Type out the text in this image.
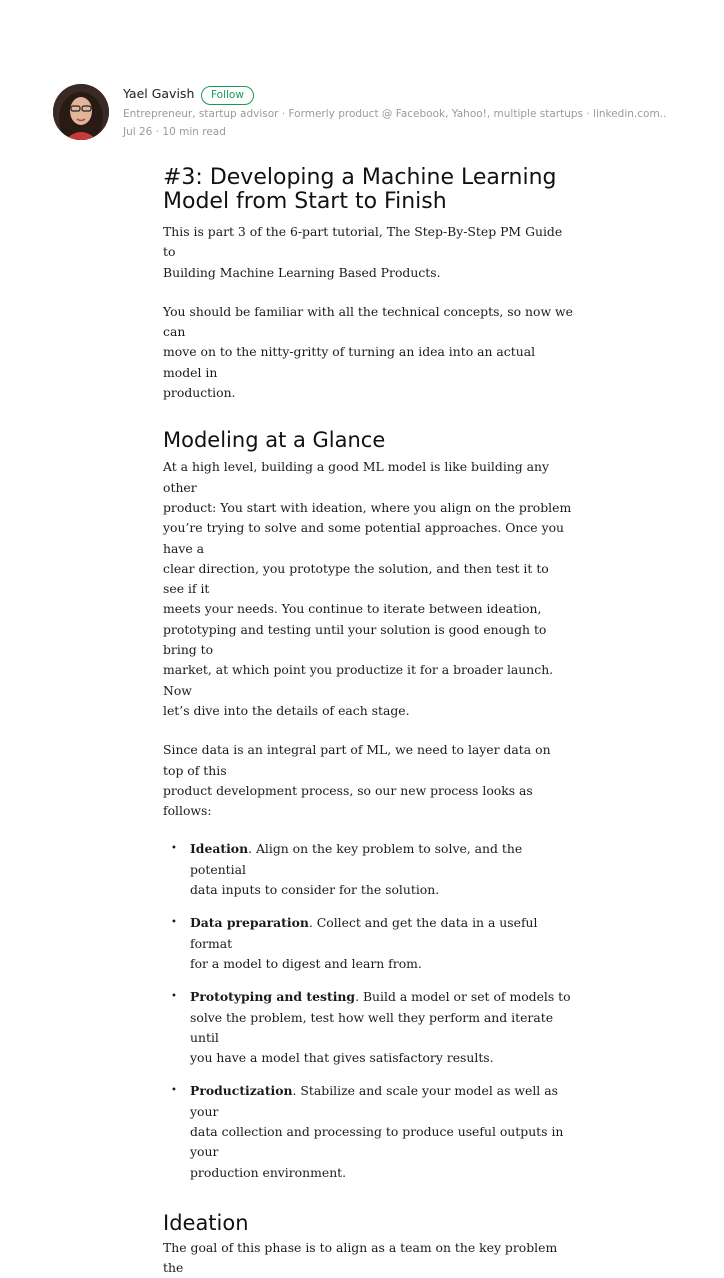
Yael Gavish	Follow
Entrepreneur, startup advisor · Formerly product @ Facebook, Yahoo!, multiple startups · linkedin.com..
Jul 26 · 10 min read
#3: Developing a Machine Learning
Model from Start to Finish

This is part 3 of the 6-part tutorial, The Step-By-Step PM Guide to
Building Machine Learning Based Products.

You should be familiar with all the technical concepts, so now we can
move on to the nitty-gritty of turning an idea into an actual model in
production.

Modeling at a Glance

At a high level, building a good ML model is like building any other
product: You start with ideation, where you align on the problem
you’re trying to solve and some potential approaches. Once you have a
clear direction, you prototype the solution, and then test it to see if it
meets your needs. You continue to iterate between ideation,
prototyping and testing until your solution is good enough to bring to
market, at which point you productize it for a broader launch. Now
let’s dive into the details of each stage.

Since data is an integral part of ML, we need to layer data on top of this
product development process, so our new process looks as follows:

• Ideation. Align on the key problem to solve, and the potential
data inputs to consider for the solution.
• Data preparation. Collect and get the data in a useful format
for a model to digest and learn from.
• Prototyping and testing. Build a model or set of models to
solve the problem, test how well they perform and iterate until
you have a model that gives satisfactory results.
• Productization. Stabilize and scale your model as well as your
data collection and processing to produce useful outputs in your
production environment.
Ideation

The goal of this phase is to align as a team on the key problem the
